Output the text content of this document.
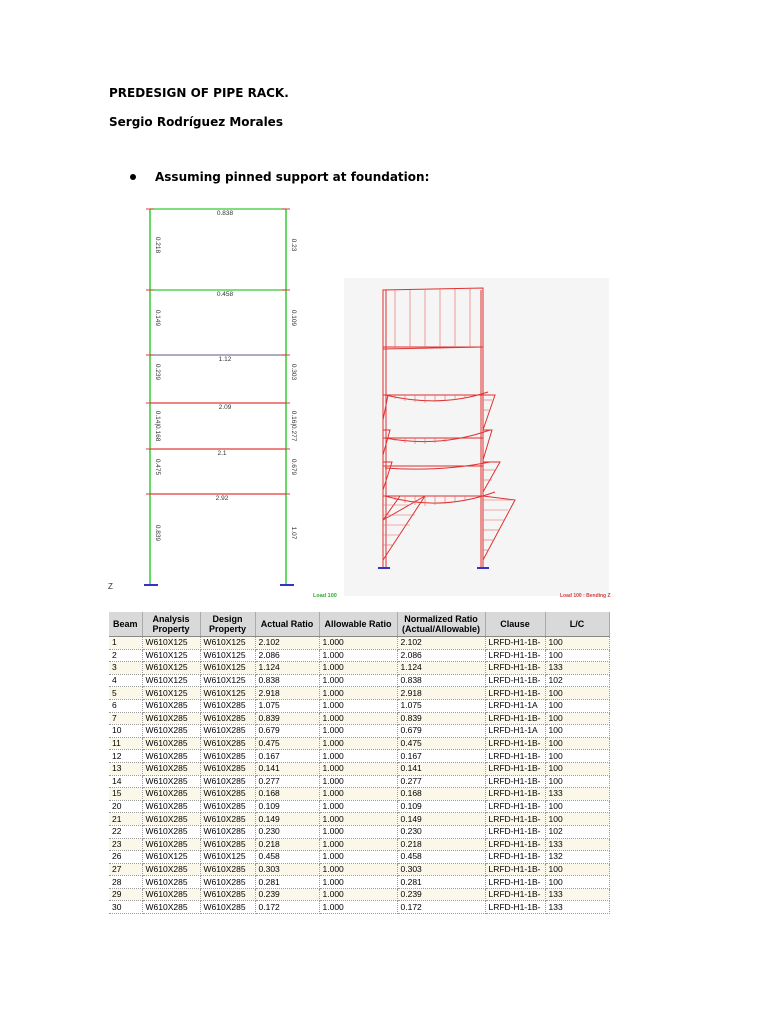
PREDESIGN OF PIPE RACK.
Sergio Rodríguez Morales
Assuming pinned support at foundation:
0.838
0.458
1.12
2.09
2.1
2.92
0.218
0.149
0.239
0.14|0.168
0.475
0.839
0.23
0.109
0.303
0.16|0.277
0.679
1.07
Z
Load 100	Load 100 : Bending Z
Beam	Analysis Property	Design Property	Actual Ratio	Allowable Ratio	Normalized Ratio (Actual/Allowable)	Clause	L/C
1	W610X125	W610X125	2.102	1.000	2.102	LRFD-H1-1B-	100
2	W610X125	W610X125	2.086	1.000	2.086	LRFD-H1-1B-	100
3	W610X125	W610X125	1.124	1.000	1.124	LRFD-H1-1B-	133
4	W610X125	W610X125	0.838	1.000	0.838	LRFD-H1-1B-	102
5	W610X125	W610X125	2.918	1.000	2.918	LRFD-H1-1B-	100
6	W610X285	W610X285	1.075	1.000	1.075	LRFD-H1-1A	100
7	W610X285	W610X285	0.839	1.000	0.839	LRFD-H1-1B-	100
10	W610X285	W610X285	0.679	1.000	0.679	LRFD-H1-1A	100
11	W610X285	W610X285	0.475	1.000	0.475	LRFD-H1-1B-	100
12	W610X285	W610X285	0.167	1.000	0.167	LRFD-H1-1B-	100
13	W610X285	W610X285	0.141	1.000	0.141	LRFD-H1-1B-	100
14	W610X285	W610X285	0.277	1.000	0.277	LRFD-H1-1B-	100
15	W610X285	W610X285	0.168	1.000	0.168	LRFD-H1-1B-	133
20	W610X285	W610X285	0.109	1.000	0.109	LRFD-H1-1B-	100
21	W610X285	W610X285	0.149	1.000	0.149	LRFD-H1-1B-	100
22	W610X285	W610X285	0.230	1.000	0.230	LRFD-H1-1B-	102
23	W610X285	W610X285	0.218	1.000	0.218	LRFD-H1-1B-	133
26	W610X125	W610X125	0.458	1.000	0.458	LRFD-H1-1B-	132
27	W610X285	W610X285	0.303	1.000	0.303	LRFD-H1-1B-	100
28	W610X285	W610X285	0.281	1.000	0.281	LRFD-H1-1B-	100
29	W610X285	W610X285	0.239	1.000	0.239	LRFD-H1-1B-	133
30	W610X285	W610X285	0.172	1.000	0.172	LRFD-H1-1B-	133
